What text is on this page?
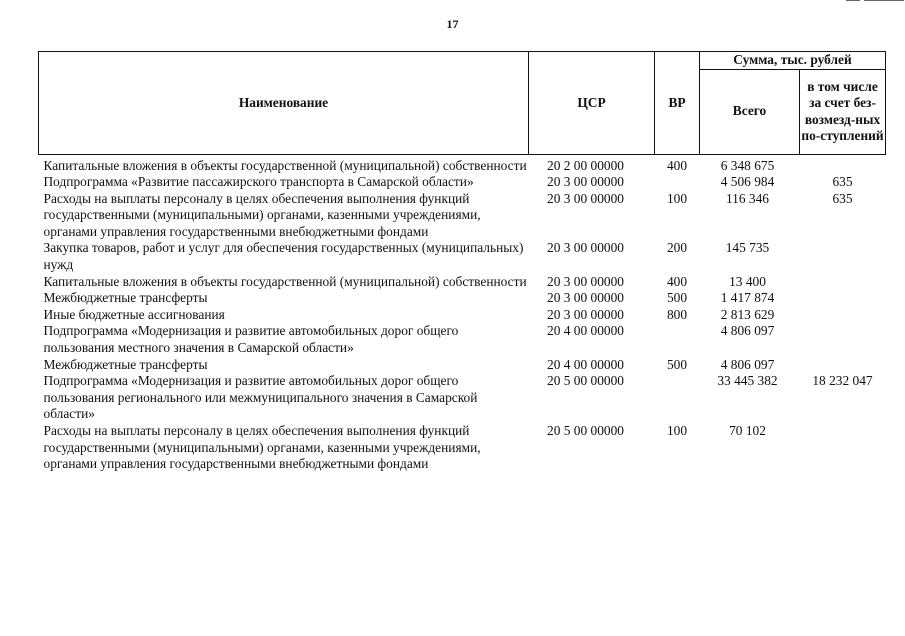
17
Наименование	ЦСР	ВР	Сумма, тыс. рублей	
			Всего	в том числе за счет без-возмезд-ных по-ступлений
Капитальные вложения в объекты государственной (муниципальной) собственности	20 2 00 00000	400	6 348 675	
Подпрограмма «Развитие пассажирского транспорта в Самарской области»	20 3 00 00000		4 506 984	635
Расходы на выплаты персоналу в целях обеспечения выполнения функций государственными (муниципальными) органами, казенными учреждениями, органами управления государственными внебюджетными фондами	20 3 00 00000	100	116 346	635
Закупка товаров, работ и услуг для обеспечения государственных (муниципальных) нужд	20 3 00 00000	200	145 735	
Капитальные вложения в объекты государственной (муниципальной) собственности	20 3 00 00000	400	13 400	
Межбюджетные трансферты	20 3 00 00000	500	1 417 874	
Иные бюджетные ассигнования	20 3 00 00000	800	2 813 629	
Подпрограмма «Модернизация и развитие автомобильных дорог общего пользования местного значения в Самарской области»	20 4 00 00000		4 806 097	
Межбюджетные трансферты	20 4 00 00000	500	4 806 097	
Подпрограмма «Модернизация и развитие автомобильных дорог общего пользования регионального или межмуниципального значения в Самарской области»	20 5 00 00000		33 445 382	18 232 047
Расходы на выплаты персоналу в целях обеспечения выполнения функций государственными (муниципальными) органами, казенными учреждениями, органами управления государственными внебюджетными фондами	20 5 00 00000	100	70 102	
